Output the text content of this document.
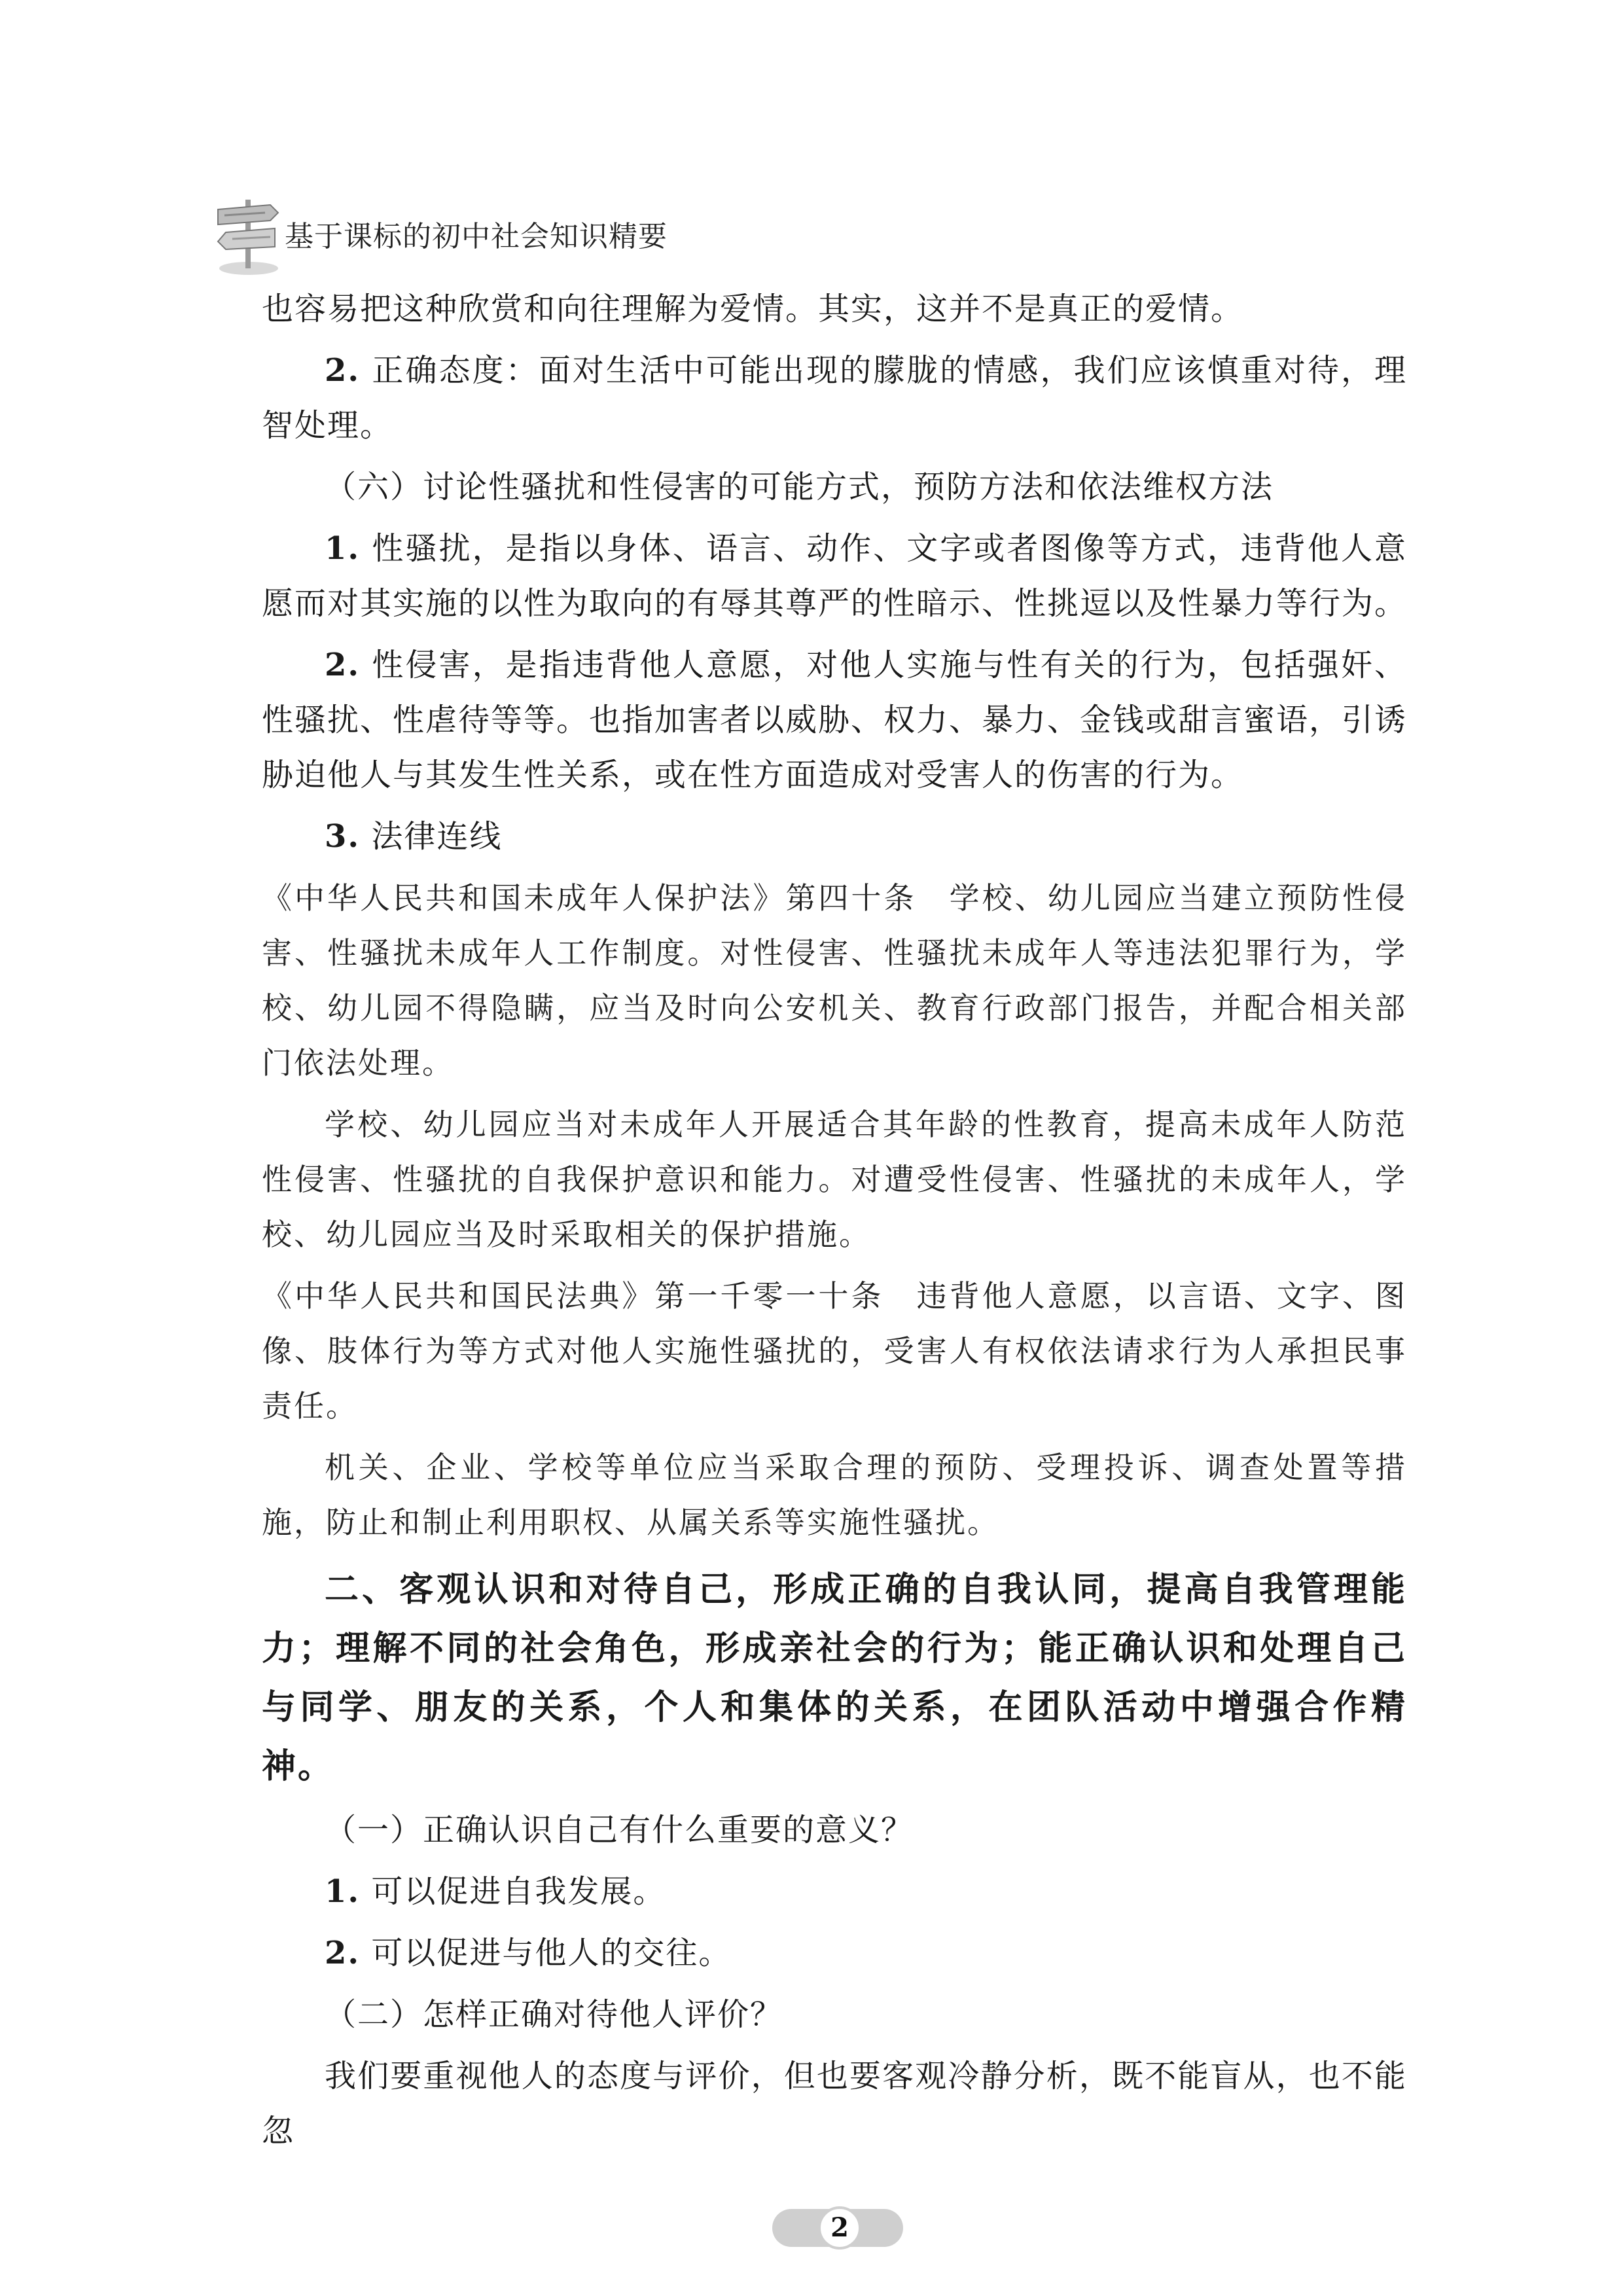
基于课标的初中社会知识精要

也容易把这种欣赏和向往理解为爱情。其实，这并不是真正的爱情。

2. 正确态度：面对生活中可能出现的朦胧的情感，我们应该慎重对待，理智处理。

（六）讨论性骚扰和性侵害的可能方式，预防方法和依法维权方法

1. 性骚扰，是指以身体、语言、动作、文字或者图像等方式，违背他人意愿而对其实施的以性为取向的有辱其尊严的性暗示、性挑逗以及性暴力等行为。

2. 性侵害，是指违背他人意愿，对他人实施与性有关的行为，包括强奸、性骚扰、性虐待等等。也指加害者以威胁、权力、暴力、金钱或甜言蜜语，引诱胁迫他人与其发生性关系，或在性方面造成对受害人的伤害的行为。

3. 法律连线

《中华人民共和国未成年人保护法》第四十条　学校、幼儿园应当建立预防性侵害、性骚扰未成年人工作制度。对性侵害、性骚扰未成年人等违法犯罪行为，学校、幼儿园不得隐瞒，应当及时向公安机关、教育行政部门报告，并配合相关部门依法处理。

学校、幼儿园应当对未成年人开展适合其年龄的性教育，提高未成年人防范性侵害、性骚扰的自我保护意识和能力。对遭受性侵害、性骚扰的未成年人，学校、幼儿园应当及时采取相关的保护措施。

《中华人民共和国民法典》第一千零一十条　违背他人意愿，以言语、文字、图像、肢体行为等方式对他人实施性骚扰的，受害人有权依法请求行为人承担民事责任。

机关、企业、学校等单位应当采取合理的预防、受理投诉、调查处置等措施，防止和制止利用职权、从属关系等实施性骚扰。

二、客观认识和对待自己，形成正确的自我认同，提高自我管理能力；理解不同的社会角色，形成亲社会的行为；能正确认识和处理自己与同学、朋友的关系，个人和集体的关系，在团队活动中增强合作精神。

（一）正确认识自己有什么重要的意义？

1. 可以促进自我发展。

2. 可以促进与他人的交往。

（二）怎样正确对待他人评价？

我们要重视他人的态度与评价，但也要客观冷静分析，既不能盲从，也不能忽

2
